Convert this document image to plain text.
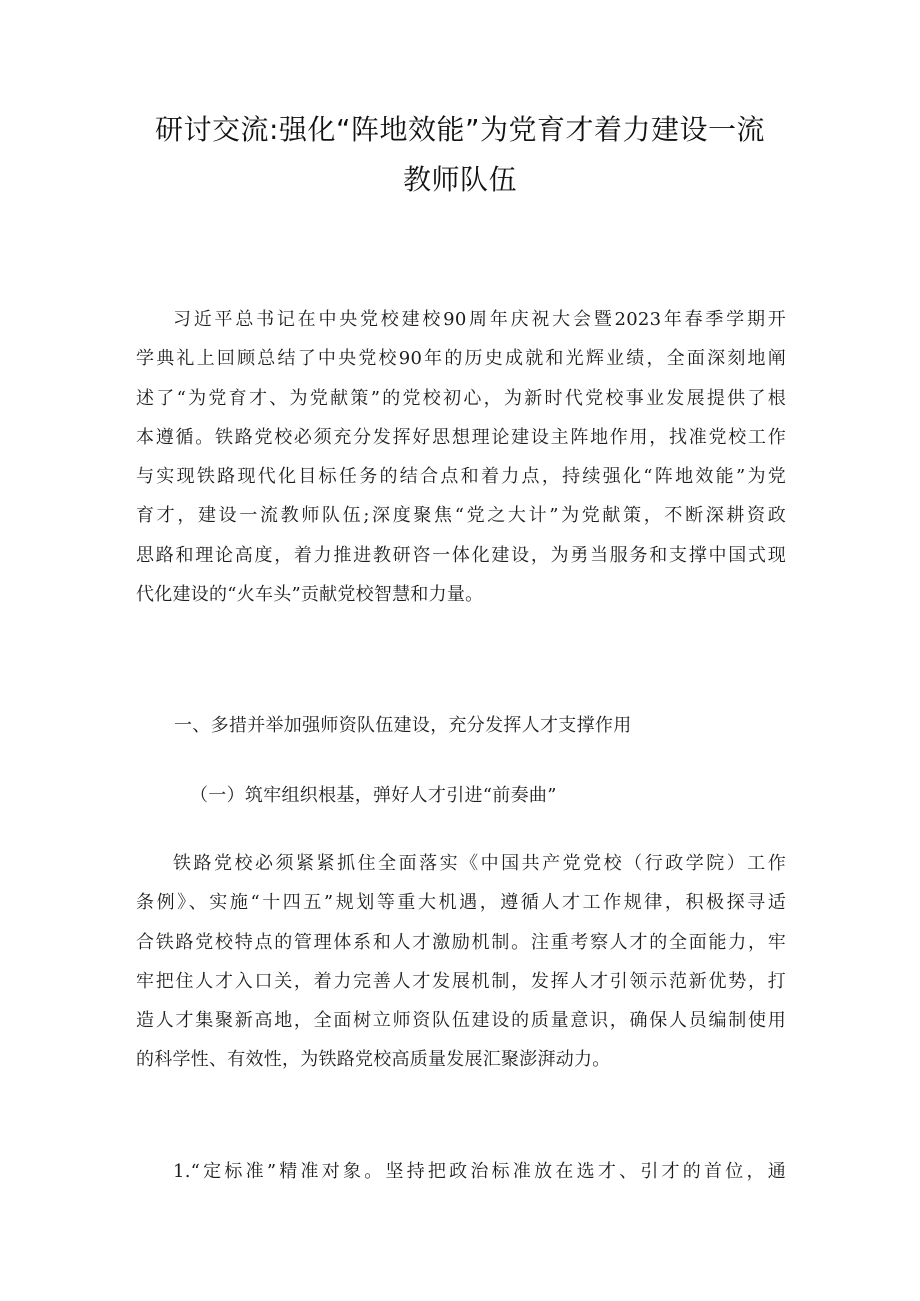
研讨交流:强化“阵地效能”为党育才着力建设一流
教师队伍
习近平总书记在中央党校建校90周年庆祝大会暨2023年春季学期开
学典礼上回顾总结了中央党校90年的历史成就和光辉业绩，全面深刻地阐
述了“为党育才、为党献策”的党校初心，为新时代党校事业发展提供了根
本遵循。铁路党校必须充分发挥好思想理论建设主阵地作用，找准党校工作
与实现铁路现代化目标任务的结合点和着力点，持续强化“阵地效能”为党
育才，建设一流教师队伍;深度聚焦“党之大计”为党献策，不断深耕资政
思路和理论高度，着力推进教研咨一体化建设，为勇当服务和支撑中国式现
代化建设的“火车头”贡献党校智慧和力量。
一、多措并举加强师资队伍建设，充分发挥人才支撑作用
（一）筑牢组织根基，弹好人才引进“前奏曲”
铁路党校必须紧紧抓住全面落实《中国共产党党校（行政学院）工作
条例》、实施“十四五”规划等重大机遇，遵循人才工作规律，积极探寻适
合铁路党校特点的管理体系和人才激励机制。注重考察人才的全面能力，牢
牢把住人才入口关，着力完善人才发展机制，发挥人才引领示范新优势，打
造人才集聚新高地，全面树立师资队伍建设的质量意识，确保人员编制使用
的科学性、有效性，为铁路党校高质量发展汇聚澎湃动力。
1.“定标准”精准对象。坚持把政治标准放在选才、引才的首位，通
